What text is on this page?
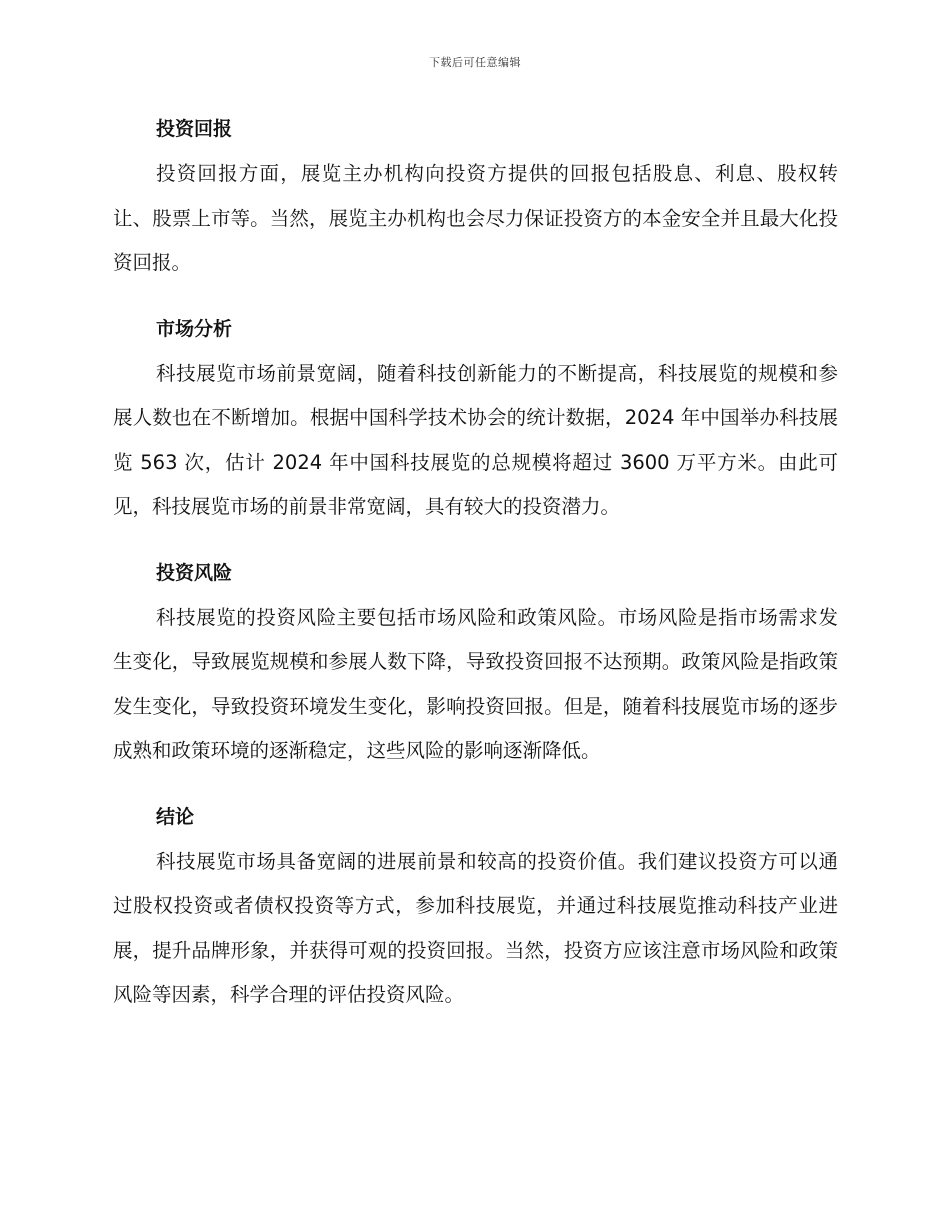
下载后可任意编辑
投资回报

投资回报方面，展览主办机构向投资方提供的回报包括股息、利息、股权转让、股票上市等。当然，展览主办机构也会尽力保证投资方的本金安全并且最大化投资回报。

市场分析

科技展览市场前景宽阔，随着科技创新能力的不断提高，科技展览的规模和参展人数也在不断增加。根据中国科学技术协会的统计数据，2024 年中国举办科技展览 563 次，估计 2024 年中国科技展览的总规模将超过 3600 万平方米。由此可见，科技展览市场的前景非常宽阔，具有较大的投资潜力。

投资风险

科技展览的投资风险主要包括市场风险和政策风险。市场风险是指市场需求发生变化，导致展览规模和参展人数下降，导致投资回报不达预期。政策风险是指政策发生变化，导致投资环境发生变化，影响投资回报。但是，随着科技展览市场的逐步成熟和政策环境的逐渐稳定，这些风险的影响逐渐降低。

结论

科技展览市场具备宽阔的进展前景和较高的投资价值。我们建议投资方可以通过股权投资或者债权投资等方式，参加科技展览，并通过科技展览推动科技产业进展，提升品牌形象，并获得可观的投资回报。当然，投资方应该注意市场风险和政策风险等因素，科学合理的评估投资风险。
